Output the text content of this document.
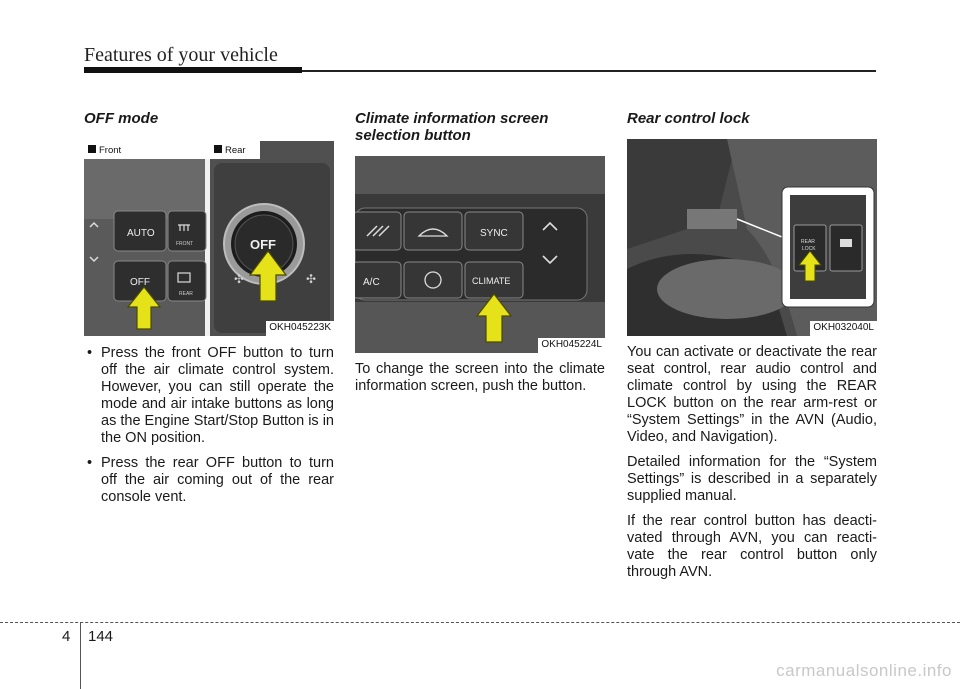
Features of your vehicle
OFF mode
Front	Rear
AUTO
FRONT
OFF
REAR
OFF
✣	✣
OKH045223K
• Press the front OFF button to turn off the air climate control system. However, you can still operate the mode and air intake buttons as long as the Engine Start/Stop Button is in the ON position.
• Press the rear OFF button to turn off the air coming out of the rear console vent.
Climate information screen selection button
SYNC
A/C	CLIMATE
OKH045224L

To change the screen into the climate information screen, push the button.

Rear control lock
REAR
LOCK
OKH032040L

You can activate or deactivate the rear seat control, rear audio control and climate control by using the REAR LOCK button on the rear arm-rest or “System Settings” in the AVN (Audio, Video, and Navigation).

Detailed information for the “System Settings” is described in a separately supplied manual.

If the rear control button has deacti-vated through AVN, you can reacti-vate the rear control button only through AVN.

4 144
carmanualsonline.info
